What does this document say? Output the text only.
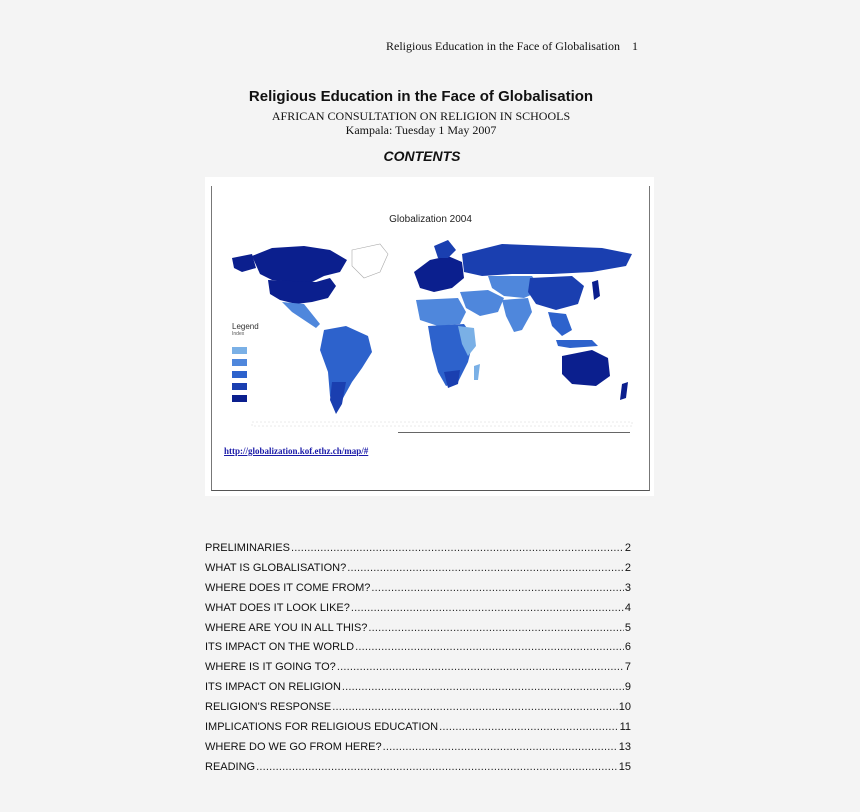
Religious Education in the Face of Globalisation 1
Religious Education in the Face of Globalisation
AFRICAN CONSULTATION ON RELIGION IN SCHOOLS
Kampala: Tuesday 1 May 2007
CONTENTS
Globalization 2004
Legend
Index
http://globalization.kof.ethz.ch/map/#
PRELIMINARIES .....	2
WHAT IS GLOBALISATION? .....	2
WHERE DOES IT COME FROM? .....	3
WHAT DOES IT LOOK LIKE? .....	4
WHERE ARE YOU IN ALL THIS? .....	5
ITS IMPACT ON THE WORLD .....	6
WHERE IS IT GOING TO? .....	7
ITS IMPACT ON RELIGION .....	9
RELIGION'S RESPONSE .....	10
IMPLICATIONS FOR RELIGIOUS EDUCATION .....	11
WHERE DO WE GO FROM HERE? .....	13
READING .....	15
